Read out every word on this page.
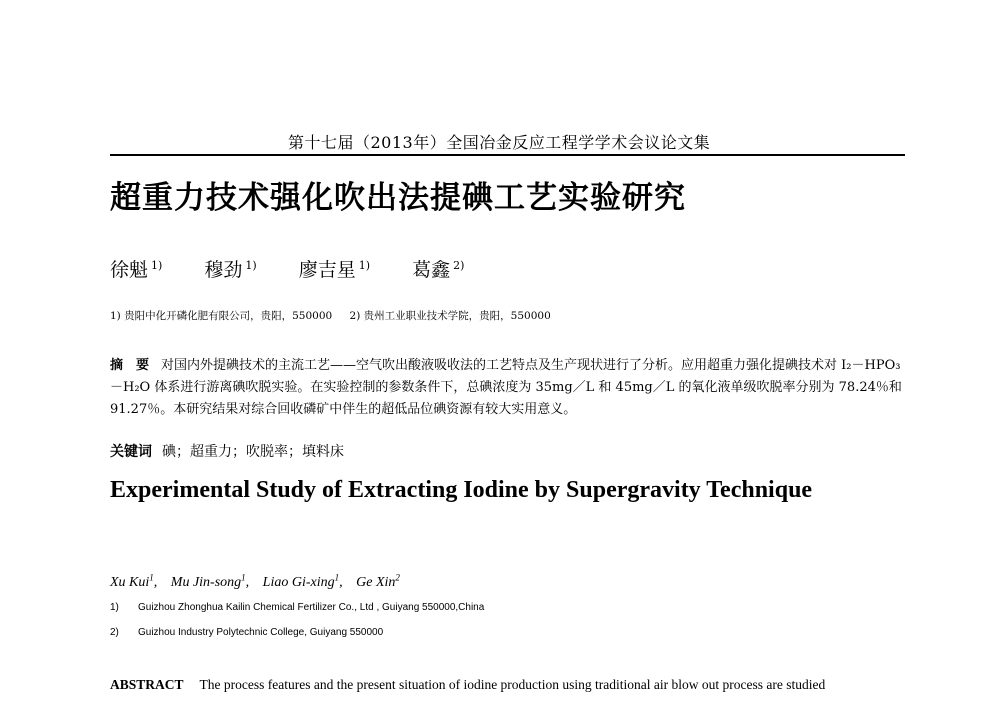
第十七届（2013年）全国冶金反应工程学学术会议论文集
超重力技术强化吹出法提碘工艺实验研究
徐魁 $^{1)}$ 穆劲 $^{1)}$ 廖吉星 $^{1)}$ 葛鑫 $^{2)}$
1) 贵阳中化开磷化肥有限公司，贵阳，550000 2) 贵州工业职业技术学院，贵阳，550000
摘　要 对国内外提碘技术的主流工艺——空气吹出酸液吸收法的工艺特点及生产现状进行了分析。应用超重力强化提碘技术对 I₂－HPO₃－H₂O 体系进行游离碘吹脱实验。在实验控制的参数条件下，总碘浓度为 35mg／L 和 45mg／L 的氧化液单级吹脱率分别为 78.24％和 91.27％。本研究结果对综合回收磷矿中伴生的超低品位碘资源有较大实用意义。
关键词 碘；超重力；吹脱率；填料床
Experimental Study of Extracting Iodine by Supergravity Technique
Xu Kui$^1$, Mu Jin-song$^1$, Liao Gi-xing$^1$, Ge Xin$^2$
1) Guizhou Zhonghua Kailin Chemical Fertilizer Co., Ltd , Guiyang 550000,China
2) Guizhou Industry Polytechnic College, Guiyang 550000
ABSTRACT The process features and the present situation of iodine production using traditional air blow out process are studied
